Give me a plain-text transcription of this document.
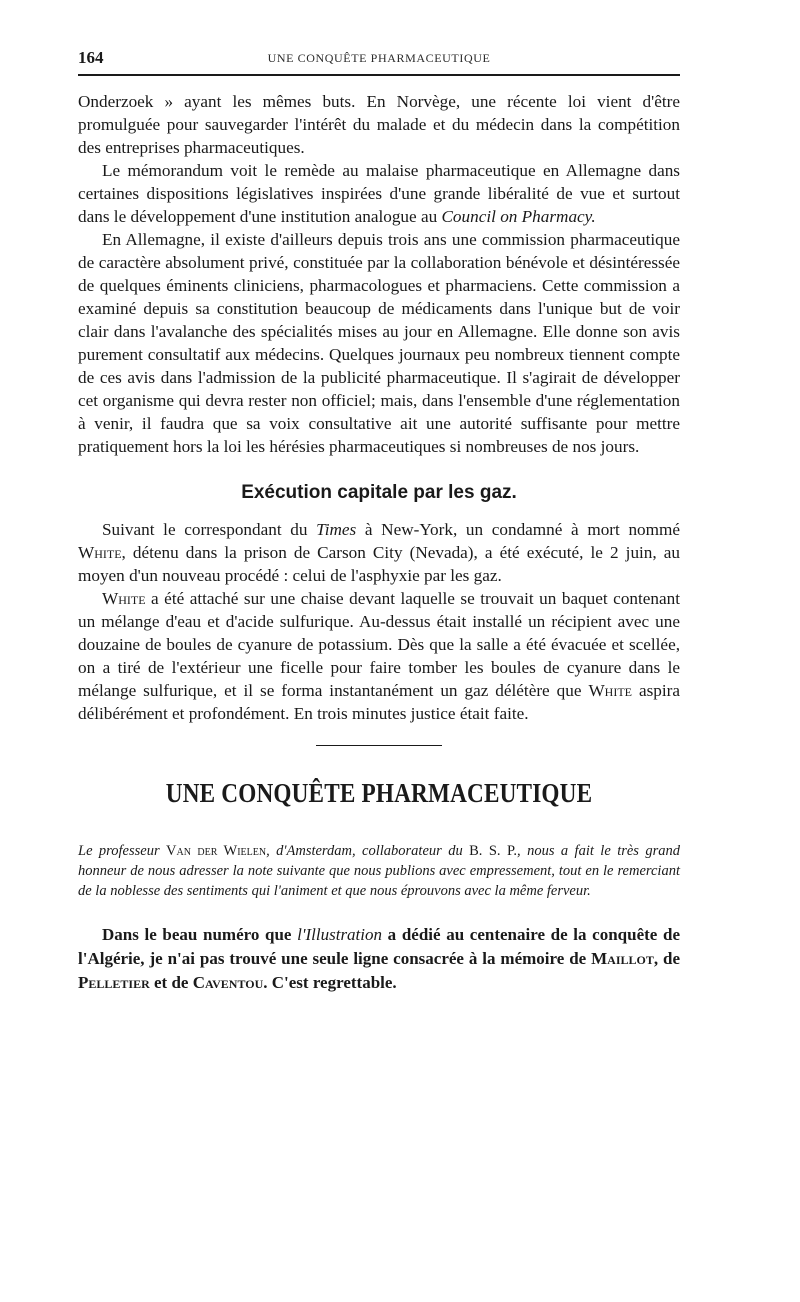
164	UNE CONQUÊTE PHARMACEUTIQUE

Onderzoek » ayant les mêmes buts. En Norvège, une récente loi vient d'être promulguée pour sauvegarder l'intérêt du malade et du médecin dans la compétition des entreprises pharmaceutiques.

Le mémorandum voit le remède au malaise pharmaceutique en Allemagne dans certaines dispositions législatives inspirées d'une grande libéralité de vue et surtout dans le développement d'une institution analogue au Council on Pharmacy.

En Allemagne, il existe d'ailleurs depuis trois ans une commission pharmaceutique de caractère absolument privé, constituée par la collaboration bénévole et désintéressée de quelques éminents cliniciens, pharmacologues et pharmaciens. Cette commission a examiné depuis sa constitution beaucoup de médicaments dans l'unique but de voir clair dans l'avalanche des spécialités mises au jour en Allemagne. Elle donne son avis purement consultatif aux médecins. Quelques journaux peu nombreux tiennent compte de ces avis dans l'admission de la publicité pharmaceutique. Il s'agirait de développer cet organisme qui devra rester non officiel; mais, dans l'ensemble d'une réglementation à venir, il faudra que sa voix consultative ait une autorité suffisante pour mettre pratiquement hors la loi les hérésies pharmaceutiques si nombreuses de nos jours.

Exécution capitale par les gaz.

Suivant le correspondant du Times à New-York, un condamné à mort nommé White, détenu dans la prison de Carson City (Nevada), a été exécuté, le 2 juin, au moyen d'un nouveau procédé : celui de l'asphyxie par les gaz.

White a été attaché sur une chaise devant laquelle se trouvait un baquet contenant un mélange d'eau et d'acide sulfurique. Au-dessus était installé un récipient avec une douzaine de boules de cyanure de potassium. Dès que la salle a été évacuée et scellée, on a tiré de l'extérieur une ficelle pour faire tomber les boules de cyanure dans le mélange sulfurique, et il se forma instantanément un gaz délétère que White aspira délibérément et profondément. En trois minutes justice était faite.

UNE CONQUÊTE PHARMACEUTIQUE
Le professeur Van der Wielen, d'Amsterdam, collaborateur du B. S. P., nous a fait le très grand honneur de nous adresser la note suivante que nous publions avec empressement, tout en le remerciant de la noblesse des sentiments qui l'animent et que nous éprouvons avec la même ferveur.

Dans le beau numéro que l'Illustration a dédié au centenaire de la conquête de l'Algérie, je n'ai pas trouvé une seule ligne consacrée à la mémoire de Maillot, de Pelletier et de Caventou. C'est regrettable.
